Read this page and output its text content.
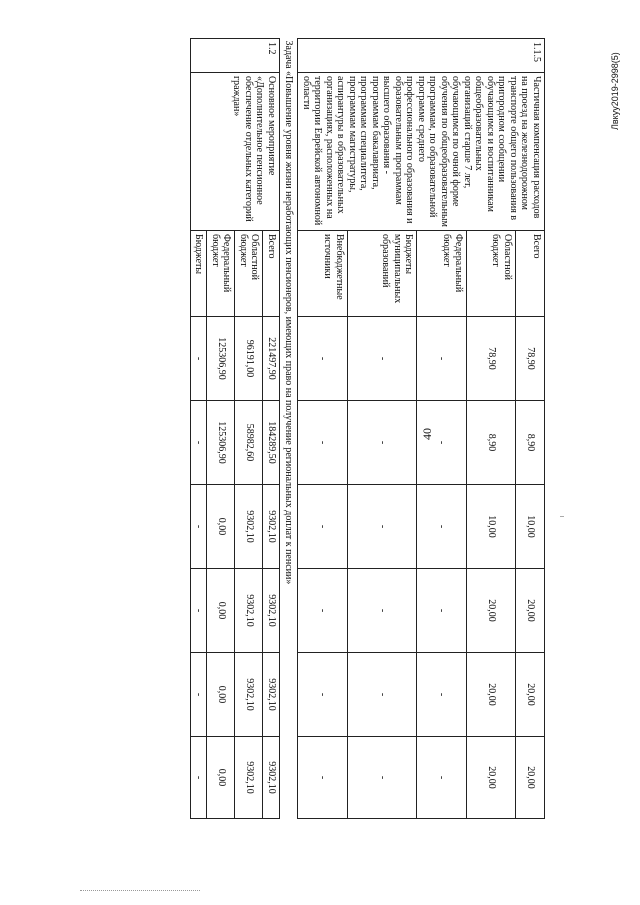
40
Лвкуу2019-2998(5)
1.1.5	Частичная компенсация расходов на проезд на железнодорожном транспорте общего пользования в пригородном сообщении обучающимся и воспитанникам общеобразовательных организаций старше 7 лет, обучающимся по очной форме обучения по общеобразовательным программам, по образовательной программе среднего профессионального образования и образовательным программам высшего образования - программам бакалавриата, программам специалитета, программам магистратуры, аспирантуры в образовательных организациях, расположенных на территории Еврейской автономной области	Всего	78,90	8,90	10,00	20,00	20,00	20,00
		Областной бюджет	78,90	8,90	10,00	20,00	20,00	20,00
		Федеральный бюджет	-	-	-	-	-	-
		Бюджеты муниципальных образований	-	-	-	-	-	-
		Внебюджетные источники	-	-	-	-	-	-
Задача «Повышение уровня жизни неработающих пенсионеров, имеющих право на получение региональных доплат к пенсии»								
1.2	Основное мероприятие «Дополнительное пенсионное обеспечение отдельных категорий граждан»	Всего	221497,90	184289,50	9302,10	9302,10	9302,10	9302,10
		Областной бюджет	96191,00	58982,60	9302,10	9302,10	9302,10	9302,10
		Федеральный бюджет	125306,90	125306,90	0,00	0,00	0,00	0,00
		Бюджеты	-	-	-	-	-	-
